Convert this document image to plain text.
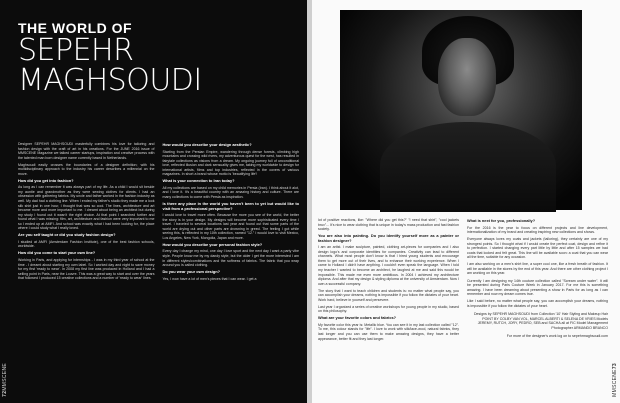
72MMSCENE
THE WORLD OF
SEPEHR
MAGHSOUDI

Designer SEPEHR MAGHSOUDI masterfully combines his love for tailoring and fashion design with the craft of art in his creations. For the JUNE 2016 issue of MMSCENE Magazine we talked career startups, inspiration and creative process with the talented man born designer name currently based in Netherlands.

Maghsoudi easily crosses the boundaries of a designer definition; with his multidisciplinary approach to the industry his career describes a millennial on the move.

How did you get into fashion?

As long as I can remember it was always part of my life. As a child I would sit beside my auntie and grandmother as they were sewing clothes for clients. I had an obsession with gathering fabrics. My uncle and father worked in the fashion industry as well. My dad had a clothing line. When I ended my father's studio they made me a look silk shirt just in one hour, I thought that was so cool. The lines, architecture and art became more and more important to me. I dreamt about being an architect but during my study I found out it wasn't the right choice. At that point I searched further and found what I was missing: film, art, architecture and fashion were very important to me so I ended up at AMFI. And school was exactly what I had been looking for, the place where I could study what I really loved.

Are you self taught or did you study fashion design?

I studied at AMFI (Amsterdam Fashion Institute), one of the best fashion schools, worldwide.

How did you come to start your own line?

Working in Paris, and applying for internships - I was in my third year of school at the time - I dreamt about starting my own label. So I worked day and night to save money for my first 'ready to wear'. In 2008 my first line was produced in Holland and I had a selling point in Paris, near the Louvre. This was a great way to start and over the years that followed I produced 15 creative collections and a number of 'ready to wear' lines.

How would you describe your design aesthetic?

Starting from the Persian Empire, wandering through dense forests, climbing high mountains and crossing wild rivers, my adventurous quest for the west, has resulted in fairytale collections as visions from a dream. My ongoing journey full of unconditional love, reflected illusion and dark sensuality gives me, taking my worldwide to design for international artists, films and top industries, reflected in the covers of various magazines. In short a brand whose motto is 'beautifying life'!

What is your connection to Iran today?

All my collections are based on my child memories in Persia (Iran). I think about it alot, and I love it. It's a beautiful country with an amazing history and culture. There are many collections to come with Persia as inspiration.

Is there any place in the world you haven't been to yet but would like to visit from a professional perspective?

I would love to travel more often. Because the more you see of the world, the better the story is in your design. My designs will become more sophisticated every time I travel. I traveled to several locations last year and found out that some parts of the world are drying out and other parts are drowning in greed. The feeling I got while seeing this, is reflected in my 10th collection, named "12." I would love to visit Mexico, Los Angeles, New York, Mongolia, Japan and more.

How would you describe your personal fashion style?

Every day I change my mind, one day I love sport and the next day I want a party vibe style. People know me by my dandy style, but the older I get the more interested I am in different styles/combinations and the softness of fabrics. The fabric that you wrap around you is called clothing.

Do you wear your own design?

Yes, I now have a lot of men's pieces that I can wear. I get a

MMSCENE73

lot of positive reactions, like: "Where did you get this?" "I need that shirt", "cool jackets bruv"... It's nice to wear clothing that is unique in today's mass production and fast fashion society.

You are also into painting. Do you identify yourself more as a painter or fashion designer?

I am an artist. I make sculpture, painted, clothing art-pieces for companies and I also design logo's and corporate identities for companies. Creativity can lead to different channels. What most people don't know is that I hired young students and encourage them to get more out of their lives, and to enhance their working experience. When I came to Holland I didn't have anything. I couldn't even speak the language. When I told my teacher I wanted to become an architect, he laughed at me and said this would be impossible. This made me even more ambitious. In 2004 I achieved my architecture diploma. And after that my design & styling diploma at the university of Amsterdam. Now I own a successful company.

The story that I want to teach children and students is: no matter what people say, you can accomplish your dreams, nothing is impossible if you follow the dictates of your heart. Work hard, believe in yourself and persevere.

Last year I organized a series of creative workshops for young people in my studio, based on this philosophy.

What are your favorite colors and fabrics?

My favorite color this year is: Metallic blue. You can see it in my last collection called "12". To me, this colour stands for "life". I love to work with silk/lace-wool, natural fabrics, they last longer and you can use them to make amazing designs, they have a better appearance, better fit and they last longer.

What is next for you, professionally?

For the 2016 is the year to focus on different projects and line development, internationalization of my brand and creating inspiring new collections and shows.

Everyone always loves my coats and jackets (tailoring), they certainly are one of my strongest points. So I thought what if I would create the perfect coat, design and refine it to perfection. I started changing every part little by little and after 15 samples we had coats that looked and felt great. This line will be available soon: a coat that you can wear all the time, suitable for any occasion.

I am also working on a men's shirt line, a super cool one, like a fresh breath of fashion. It will be available in the stores by the end of this year. And there are other clothing project I am working on this year.

Currently I am designing my 14th couture collection called "Scream under water". It will be presented during Paris Couture Week in January 2017. For me this is something amazing. I have been dreaming about presenting a show in Paris for as long as I can remember and now my dream comes true.

Like I said before, no matter what people say, you can accomplish your dreams, nothing is impossible if you follow the dictates of your heart.

Designs by SEPEHR MAGHSOUDI from Collection '10' Hair Styling and Makeup Hair POINT BY COLBY VAN VOL, MARCEL ALBERTI & SELENA DE VRIES Models JEREMY, RUTCH, JORY, PEDRO, SEB and SACHA all at FIC Model Management Photographer ARMANDO BRANCO

For more of the designer's work log on to sepehrmaghsoudi.com
